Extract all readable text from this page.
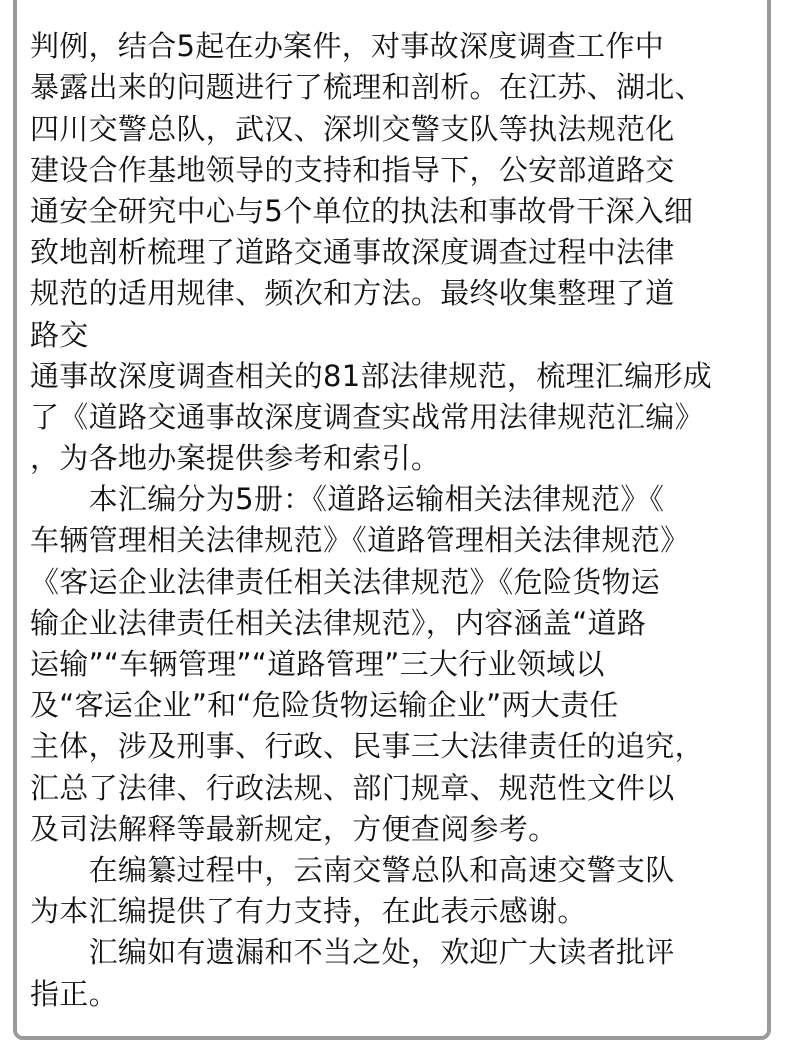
判例，结合5起在办案件，对事故深度调查工作中
暴露出来的问题进行了梳理和剖析。在江苏、湖北、
四川交警总队，武汉、深圳交警支队等执法规范化
建设合作基地领导的支持和指导下，公安部道路交
通安全研究中心与5个单位的执法和事故骨干深入细
致地剖析梳理了道路交通事故深度调查过程中法律
规范的适用规律、频次和方法。最终收集整理了道
路交
通事故深度调查相关的81部法律规范，梳理汇编形成
了《道路交通事故深度调查实战常用法律规范汇编》
，为各地办案提供参考和索引。
　　本汇编分为5册：《道路运输相关法律规范》《
车辆管理相关法律规范》《道路管理相关法律规范》
《客运企业法律责任相关法律规范》《危险货物运
输企业法律责任相关法律规范》，内容涵盖“道路
运输”“车辆管理”“道路管理”三大行业领域以
及“客运企业”和“危险货物运输企业”两大责任
主体，涉及刑事、行政、民事三大法律责任的追究，
汇总了法律、行政法规、部门规章、规范性文件以
及司法解释等最新规定，方便查阅参考。
　　在编纂过程中，云南交警总队和高速交警支队
为本汇编提供了有力支持，在此表示感谢。
　　汇编如有遗漏和不当之处，欢迎广大读者批评
指正。
